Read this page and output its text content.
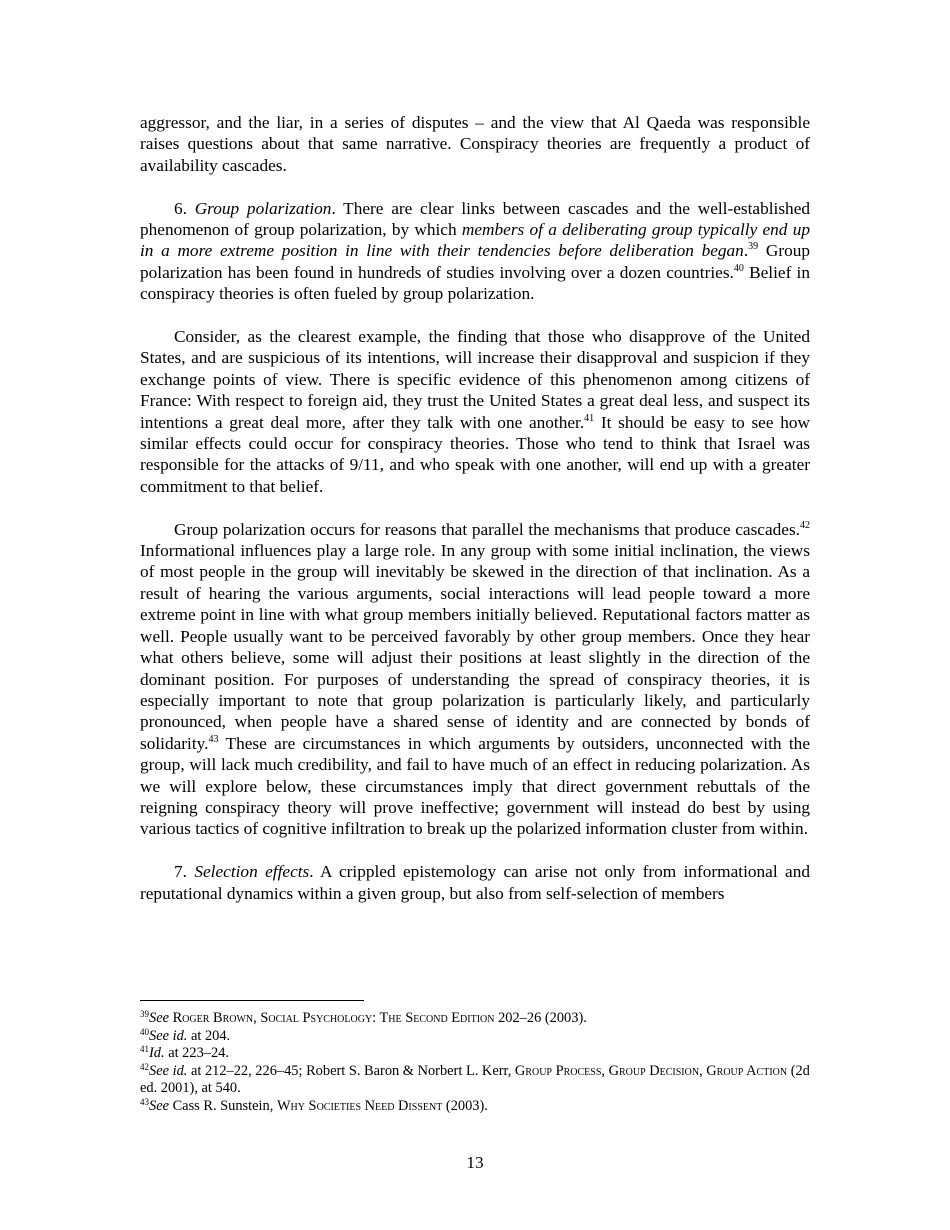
aggressor, and the liar, in a series of disputes – and the view that Al Qaeda was responsible raises questions about that same narrative. Conspiracy theories are frequently a product of availability cascades.

6. Group polarization. There are clear links between cascades and the well-established phenomenon of group polarization, by which members of a deliberating group typically end up in a more extreme position in line with their tendencies before deliberation began.$^{39}$ Group polarization has been found in hundreds of studies involving over a dozen countries.$^{40}$ Belief in conspiracy theories is often fueled by group polarization.

Consider, as the clearest example, the finding that those who disapprove of the United States, and are suspicious of its intentions, will increase their disapproval and suspicion if they exchange points of view. There is specific evidence of this phenomenon among citizens of France: With respect to foreign aid, they trust the United States a great deal less, and suspect its intentions a great deal more, after they talk with one another.$^{41}$ It should be easy to see how similar effects could occur for conspiracy theories. Those who tend to think that Israel was responsible for the attacks of 9/11, and who speak with one another, will end up with a greater commitment to that belief.

Group polarization occurs for reasons that parallel the mechanisms that produce cascades.$^{42}$ Informational influences play a large role. In any group with some initial inclination, the views of most people in the group will inevitably be skewed in the direction of that inclination. As a result of hearing the various arguments, social interactions will lead people toward a more extreme point in line with what group members initially believed. Reputational factors matter as well. People usually want to be perceived favorably by other group members. Once they hear what others believe, some will adjust their positions at least slightly in the direction of the dominant position. For purposes of understanding the spread of conspiracy theories, it is especially important to note that group polarization is particularly likely, and particularly pronounced, when people have a shared sense of identity and are connected by bonds of solidarity.$^{43}$ These are circumstances in which arguments by outsiders, unconnected with the group, will lack much credibility, and fail to have much of an effect in reducing polarization. As we will explore below, these circumstances imply that direct government rebuttals of the reigning conspiracy theory will prove ineffective; government will instead do best by using various tactics of cognitive infiltration to break up the polarized information cluster from within.

7. Selection effects. A crippled epistemology can arise not only from informational and reputational dynamics within a given group, but also from self-selection of members

$^{39}$See Roger Brown, Social Psychology: The Second Edition 202–26 (2003).

$^{40}$See id. at 204.

$^{41}$Id. at 223–24.

$^{42}$See id. at 212–22, 226–45; Robert S. Baron & Norbert L. Kerr, Group Process, Group Decision, Group Action (2d ed. 2001), at 540.

$^{43}$See Cass R. Sunstein, Why Societies Need Dissent (2003).

13
